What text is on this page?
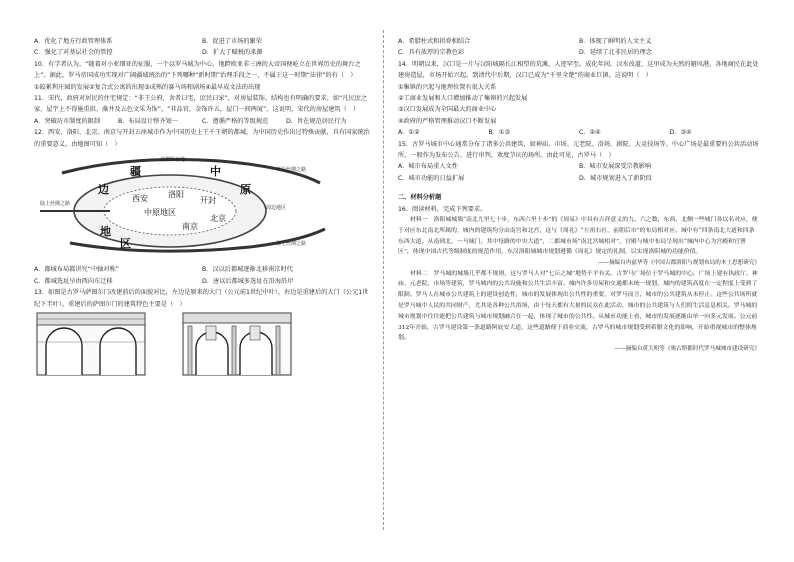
A．优化了地方行政管理体系	B．促进了市场的繁荣
C．强化了对基层社会的管控	D．扩大了赋税的来源

10．有学者认为，“随着对小亚细亚的征服，一个以罗马城为中心、地跨欧亚非三洲的大帝国便屹立在世界历史的舞台之上”。据此，罗马帝国成功实现对广阔疆域统治的“下列哪种“新时期”治理手段之一，不属于这一时期“法律”的有（　）

①皎累利庄园的发展②复合式公寓的出现③成熟的赛马场和剧场④最早成文法的出现

11．宋代，政府对居民的住宅规定：“非王公府，舍者曰宅，庶民曰家”，对房屋装饰、结构也有明确的要求，如“凡民庶之家，屋宇上不得施重拱、藻井及五色文采为饰”。“非品官，金饰许五，屋门一间两厦”。这说明，宋代的房屋建筑（　）

A．突破坊市制度的限制	B．布局设计整齐划一	C．遵循严格的等级规范	D．旨在规范居民行为

12．西安、洛阳、北京、南京与开封五座城市作为中国历史上王千王朝的都城，为中国历史作出过特殊贡献，具有国家统治的重要意义。由地图可知（　）

边
疆	中
原
地
区
中原地区
西安	洛阳
开封
北京
南京
草原丝绸之路
陆上丝绸之路
海上丝绸之路
首都所在地
周边地区
A．都城布局都讲究“中轴对称”	B．汉以后都城逐渐北移南京时代
C．都城选址呈由西向东迁移	D．唐以后都城多选址在沿海沿岸

13．如图是古罗马萨图尔门改建前后的面貌对比，左边是原来的大门（公元前1世纪中叶），右边是重建后的大门（公元1世纪下半叶）。重建后的萨图尔门的建筑特色主要是（　）

A．希腊柱式和拱券相结合	B．体现了鲜明的人文主义
C．具有浓厚的宗教色彩	D．延续了北非民居的理念

14．明朝以来，汉口是一片与汉阳城隔长江相望的荒滩，人迹罕至。成化年间，汉水改道，这里成为天然的避风港。各地商民在此处建房造屋，市场开始兴起。到清代中后期，汉口已成为“千里全楚”的商业巨镇。这说明（　）

①集镇的兴起与地理位置有很大关系

②工商业发展和人口增加推动了集镇的兴起发展

③汉口发展成为全国最大的商业中心

④政府的严格管理推动汉口不断发展

A．①②	B．①③	C．②④	D．③④

15．古罗马城市中心通常分布了诸多公共建筑，如神庙、市场、元老院、浴场、剧院、大竞技场等。中心广场是最重要的公共活动场所，一般作为发布公告、进行审判、欢度节庆的场所。由此可见，古罗马（　）

A．城市布局重人文性	B．城市发展深受宗教影响
C．城市功能的日益扩展	D．城市规划进入了新阶段

二、材料分析题

16．阅读材料，完成下列要求。

材料一　洛阳城城墙“南北九里七十步，东西六里十步”的《周易》中具有吉祥意义的九、六之数，东西、北侧一些城门各以名对应，便于对应东北南北所属的，城内的建筑均分由南宫和北宫，这与《周礼》“左祖右社，前朝后市”的布局相对应。城中有“四条南北大道和四条东西大道，从南到北，一马城门，其中每路的中央大道”，二都城市场“南北宫城相对”，宫殿与城中布局呈现出“城内中心为宫殿和官署区”，体现中国古代等级制度的规范作用，东汉洛阳城城市规划遵循《周礼》规定的礼制，以实现洛阳城的功能价值。

——摘编自冉兹华等《中国古都洛阳与规划布局的本土思想研究》

材料二　罗马城的城墙几乎都不规则，这与罗马人对“七丘之城”地势不平有关。古罗马广场位于罗马城的中心，广场上建有执政厅、神庙、元老院、市场等建筑，罗马城内的公共设施和公共生活丰富。城内许多房屋和交通都未统一规划，城内的建筑高度在一定程度上受到了限制。罗马人在城市公共建筑上的建设创造性，城市的发展体现出公共性的重要，对罗马而言，城市的公共建筑从未停止。这些公共场所就是罗马城中人民的共同财产，尤其是各种公共浴场，由于每天都有大量的民众在此活动，城市的公共建筑与人们的生活息息相关。罗马城的城市规划中往往能把公共建筑与城市规划融合在一起，体现了城市的公共性。从城市功能上看，城市的发展逐渐由单一向多元发展。公元前312年开始，古罗马建设第一条道路阿庇安大道，这些道路便于商业交流，古罗马的城市规划受到希腊文化的影响，开始重视城市的整体规划。

——摘编自黄大明等《奥古斯都时代罗马城城市建设研究》
